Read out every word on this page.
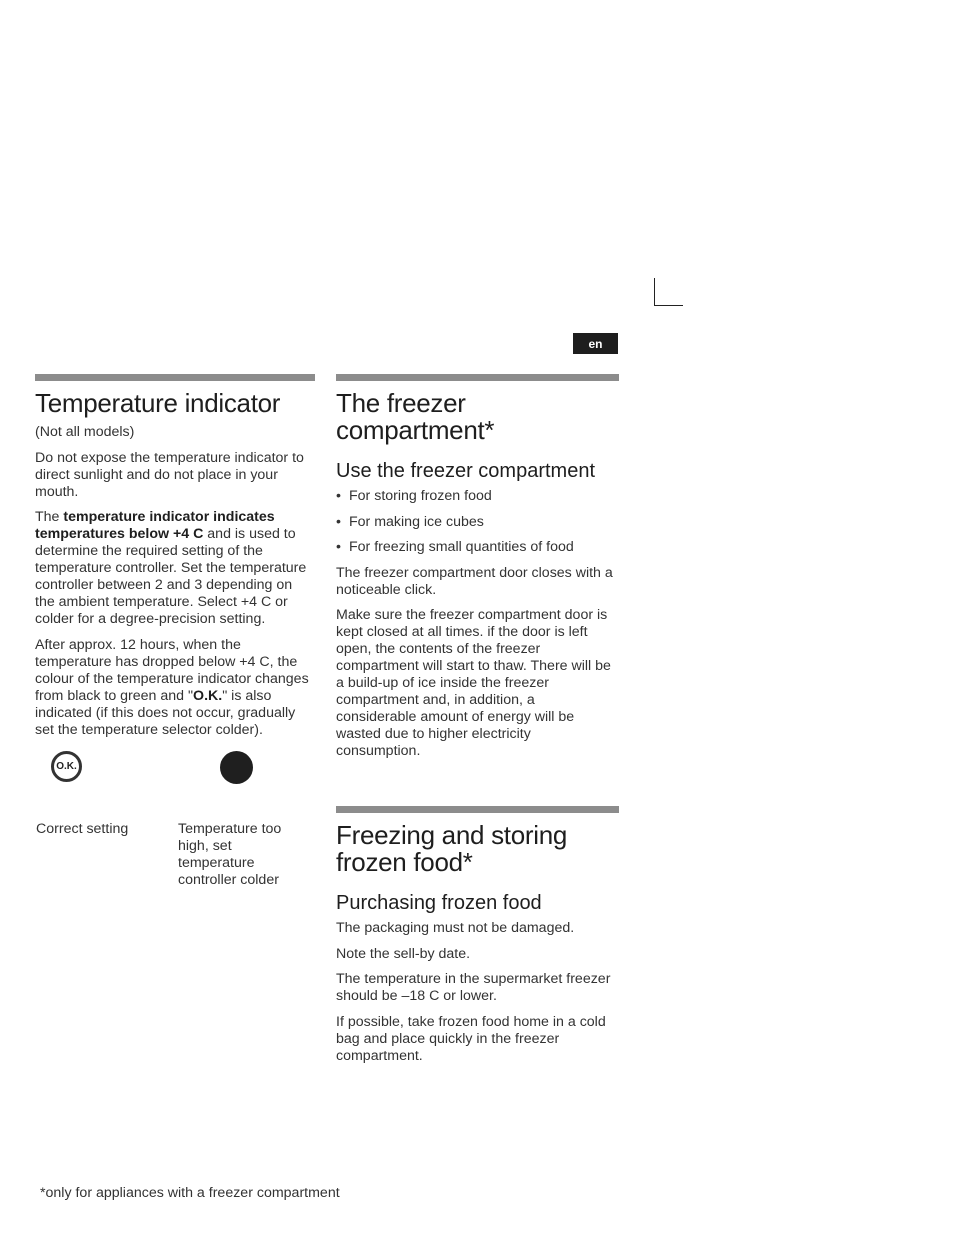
en
Temperature indicator

(Not all models)

Do not expose the temperature indicator to direct sunlight and do not place in your mouth.

The temperature indicator indicates temperatures below +4 C and is used to determine the required setting of the temperature controller. Set the temperature controller between 2 and 3 depending on the ambient temperature. Select +4 C or colder for a degree-precision setting.

After approx. 12 hours, when the temperature has dropped below +4 C, the colour of the temperature indicator changes from black to green and "O.K." is also indicated (if this does not occur, gradually set the temperature selector colder).

O.K.
Correct setting	Temperature too high, set temperature controller colder
The freezer compartment*
Use the freezer compartment
• For storing frozen food
• For making ice cubes
• For freezing small quantities of food

The freezer compartment door closes with a noticeable click.

Make sure the freezer compartment door is kept closed at all times. if the door is left open, the contents of the freezer compartment will start to thaw. There will be a build-up of ice inside the freezer compartment and, in addition, a considerable amount of energy will be wasted due to higher electricity consumption.

Freezing and storing frozen food*
Purchasing frozen food

The packaging must not be damaged.

Note the sell-by date.

The temperature in the supermarket freezer should be –18 C or lower.

If possible, take frozen food home in a cold bag and place quickly in the freezer compartment.

*only for appliances with a freezer compartment
